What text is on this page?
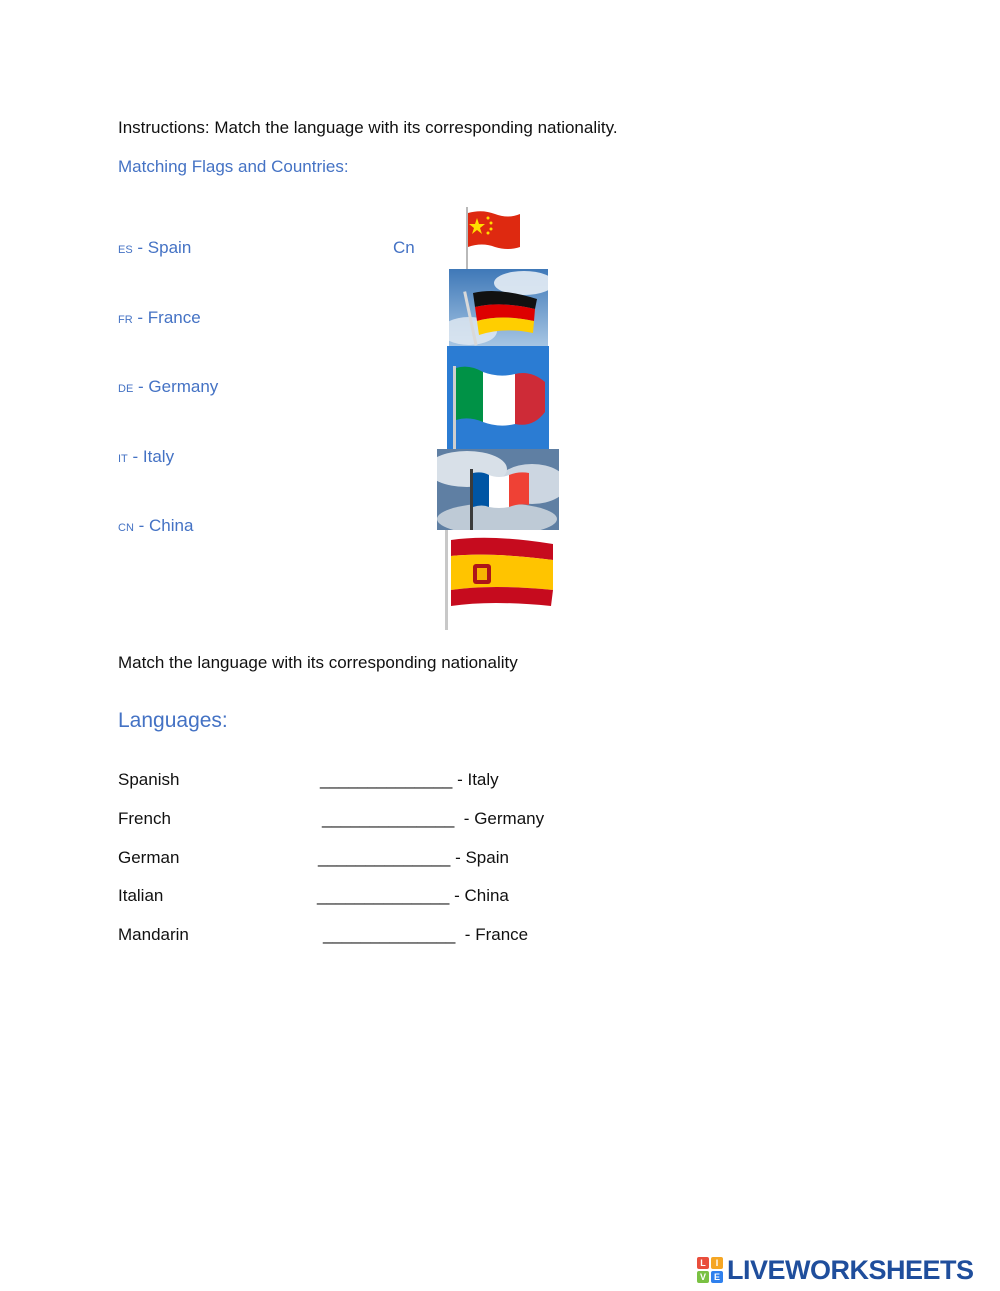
Instructions: Match the language with its corresponding nationality.
Matching Flags and Countries:
es - Spain
fr - France
de - Germany
it - Italy
cn - China
Cn
Match the language with its corresponding nationality
Languages:
Spanish	______________ - Italy
French	______________  - Germany
German	______________ - Spain
Italian	______________ - China
Mandarin	______________  - France
L	I
V E LIVEWORKSHEETS
